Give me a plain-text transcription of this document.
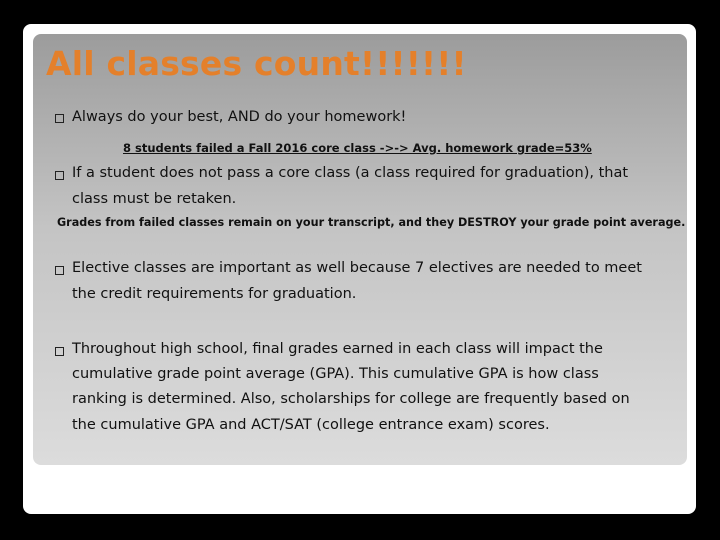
All classes count!!!!!!!

Always do your best, AND do your homework!

8 students failed a Fall 2016 core class ->-> Avg. homework grade=53%

If a student does not pass a core class (a class required for graduation), that

class must be retaken.

Grades from failed classes remain on your transcript, and they DESTROY your grade point average.

Elective classes are important as well because 7 electives are needed to meet

the credit requirements for graduation.

Throughout high school, final grades earned in each class will impact the

cumulative grade point average (GPA). This cumulative GPA is how class

ranking is determined. Also, scholarships for college are frequently based on

the cumulative GPA and ACT/SAT (college entrance exam) scores.
